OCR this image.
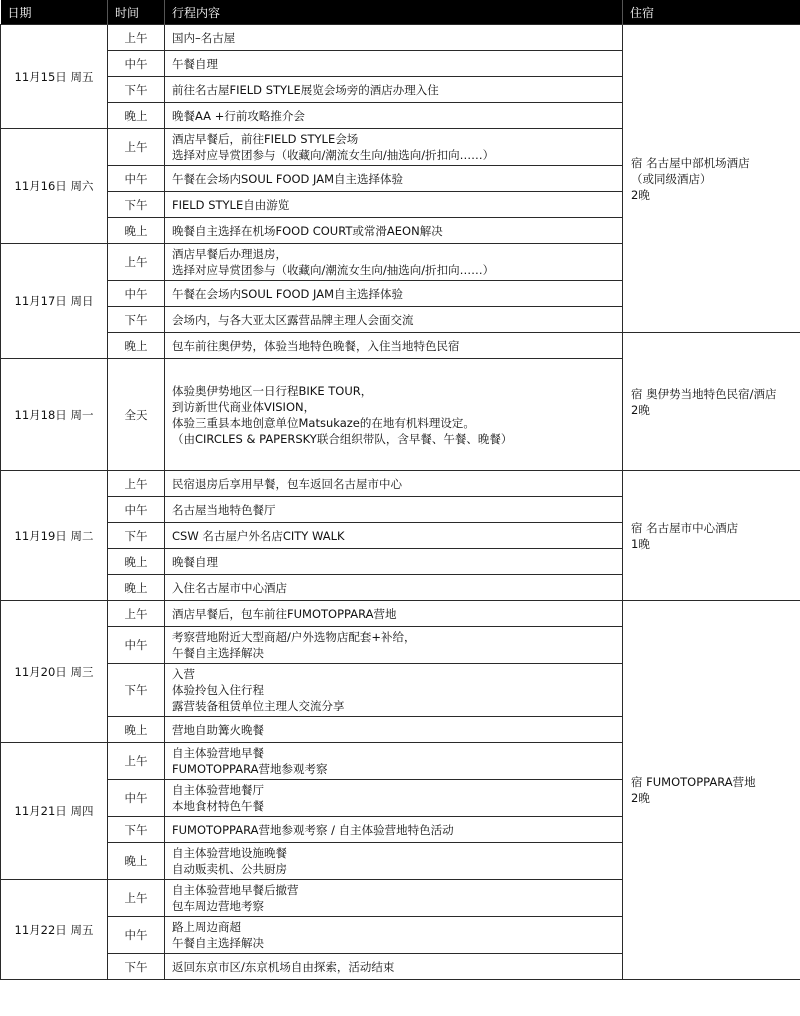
日期	时间	行程内容	住宿
11月15日 周五	上午	国内–名古屋	宿 名古屋中部机场酒店
（或同级酒店）
2晚

	中午	午餐自理	

	下午	前往名古屋FIELD STYLE展览会场旁的酒店办理入住	

	晚上	晚餐AA +行前攻略推介会	

11月16日 周六	上午	酒店早餐后，前往FIELD STYLE会场
选择对应导赏团参与（收藏向/潮流女生向/抽选向/折扣向……）	

	中午	午餐在会场内SOUL FOOD JAM自主选择体验	

	下午	FIELD STYLE自由游览	

	晚上	晚餐自主选择在机场FOOD COURT或常滑AEON解决	

11月17日 周日	上午	酒店早餐后办理退房，
选择对应导赏团参与（收藏向/潮流女生向/抽选向/折扣向……）	

	中午	午餐在会场内SOUL FOOD JAM自主选择体验	

	下午	会场内，与各大亚太区露营品牌主理人会面交流	

	晚上	包车前往奥伊势，体验当地特色晚餐，入住当地特色民宿	宿 奥伊势当地特色民宿/酒店
2晚

11月18日 周一	全天	体验奥伊势地区一日行程BIKE TOUR，
到访新世代商业体VISION，
体验三重县本地创意单位Matsukaze的在地有机料理设定。
（由CIRCLES & PAPERSKY联合组织带队，含早餐、午餐、晚餐）	

11月19日 周二	上午	民宿退房后享用早餐，包车返回名古屋市中心	宿 名古屋市中心酒店
1晚

	中午	名古屋当地特色餐厅	

	下午	CSW 名古屋户外名店CITY WALK	

	晚上	晚餐自理	

	晚上	入住名古屋市中心酒店	

11月20日 周三	上午	酒店早餐后，包车前往FUMOTOPPARA营地	宿 FUMOTOPPARA营地
2晚

	中午	考察营地附近大型商超/户外选物店配套+补给，
午餐自主选择解决	

	下午	入营
体验拎包入住行程
露营装备租赁单位主理人交流分享	

	晚上	营地自助篝火晚餐	

11月21日 周四	上午	自主体验营地早餐
FUMOTOPPARA营地参观考察	

	中午	自主体验营地餐厅
本地食材特色午餐	

	下午	FUMOTOPPARA营地参观考察 / 自主体验营地特色活动	

	晚上	自主体验营地设施晚餐
自动贩卖机、公共厨房	

11月22日 周五	上午	自主体验营地早餐后撤营
包车周边营地考察	

	中午	路上周边商超
午餐自主选择解决	

	下午	返回东京市区/东京机场自由探索，活动结束	
